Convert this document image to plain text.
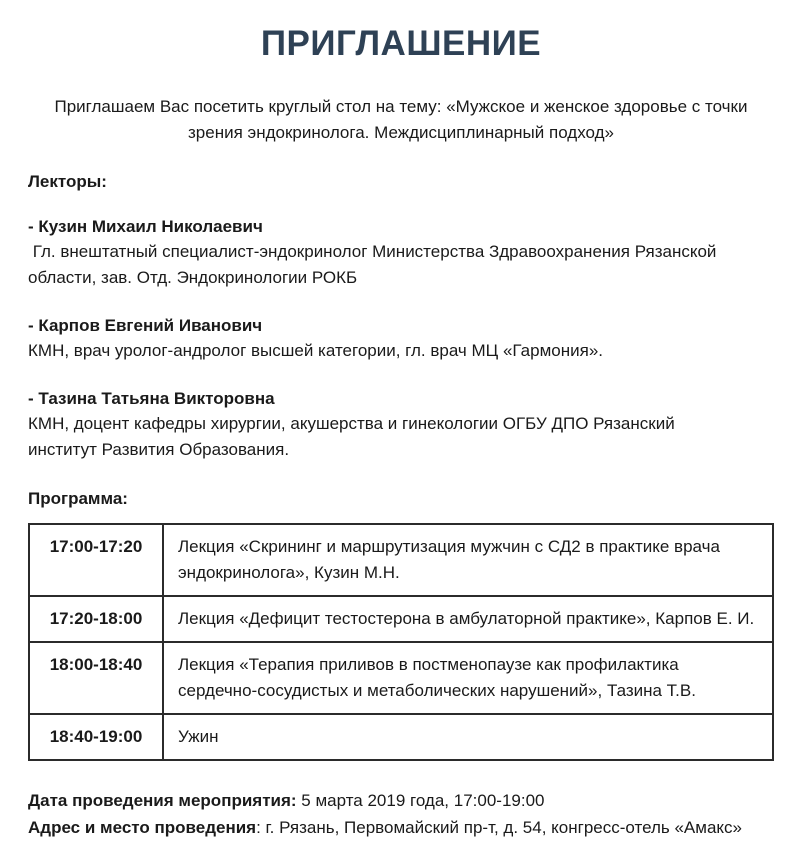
ПРИГЛАШЕНИЕ

Приглашаем Вас посетить круглый стол на тему: «Мужское и женское здоровье с точки зрения эндокринолога. Междисциплинарный подход»

Лекторы:

- Кузин Михаил Николаевич

Гл. внештатный специалист-эндокринолог Министерства Здравоохранения Рязанской области, зав. Отд. Эндокринологии РОКБ

- Карпов Евгений Иванович

КМН, врач уролог-андролог высшей категории, гл. врач МЦ «Гармония».

- Тазина Татьяна Викторовна

КМН, доцент кафедры хирургии, акушерства и гинекологии ОГБУ ДПО Рязанский институт Развития Образования.

Программа:

17:00-17:20	Лекция «Скрининг и маршрутизация мужчин с СД2 в практике врача эндокринолога», Кузин М.Н.
17:20-18:00	Лекция «Дефицит тестостерона в амбулаторной практике», Карпов Е. И.
18:00-18:40	Лекция «Терапия приливов в постменопаузе как профилактика сердечно-сосудистых и метаболических нарушений», Тазина Т.В.
18:40-19:00	Ужин

Дата проведения мероприятия: 5 марта 2019 года, 17:00-19:00

Адрес и место проведения: г. Рязань, Первомайский пр-т, д. 54, конгресс-отель «Амакс»
